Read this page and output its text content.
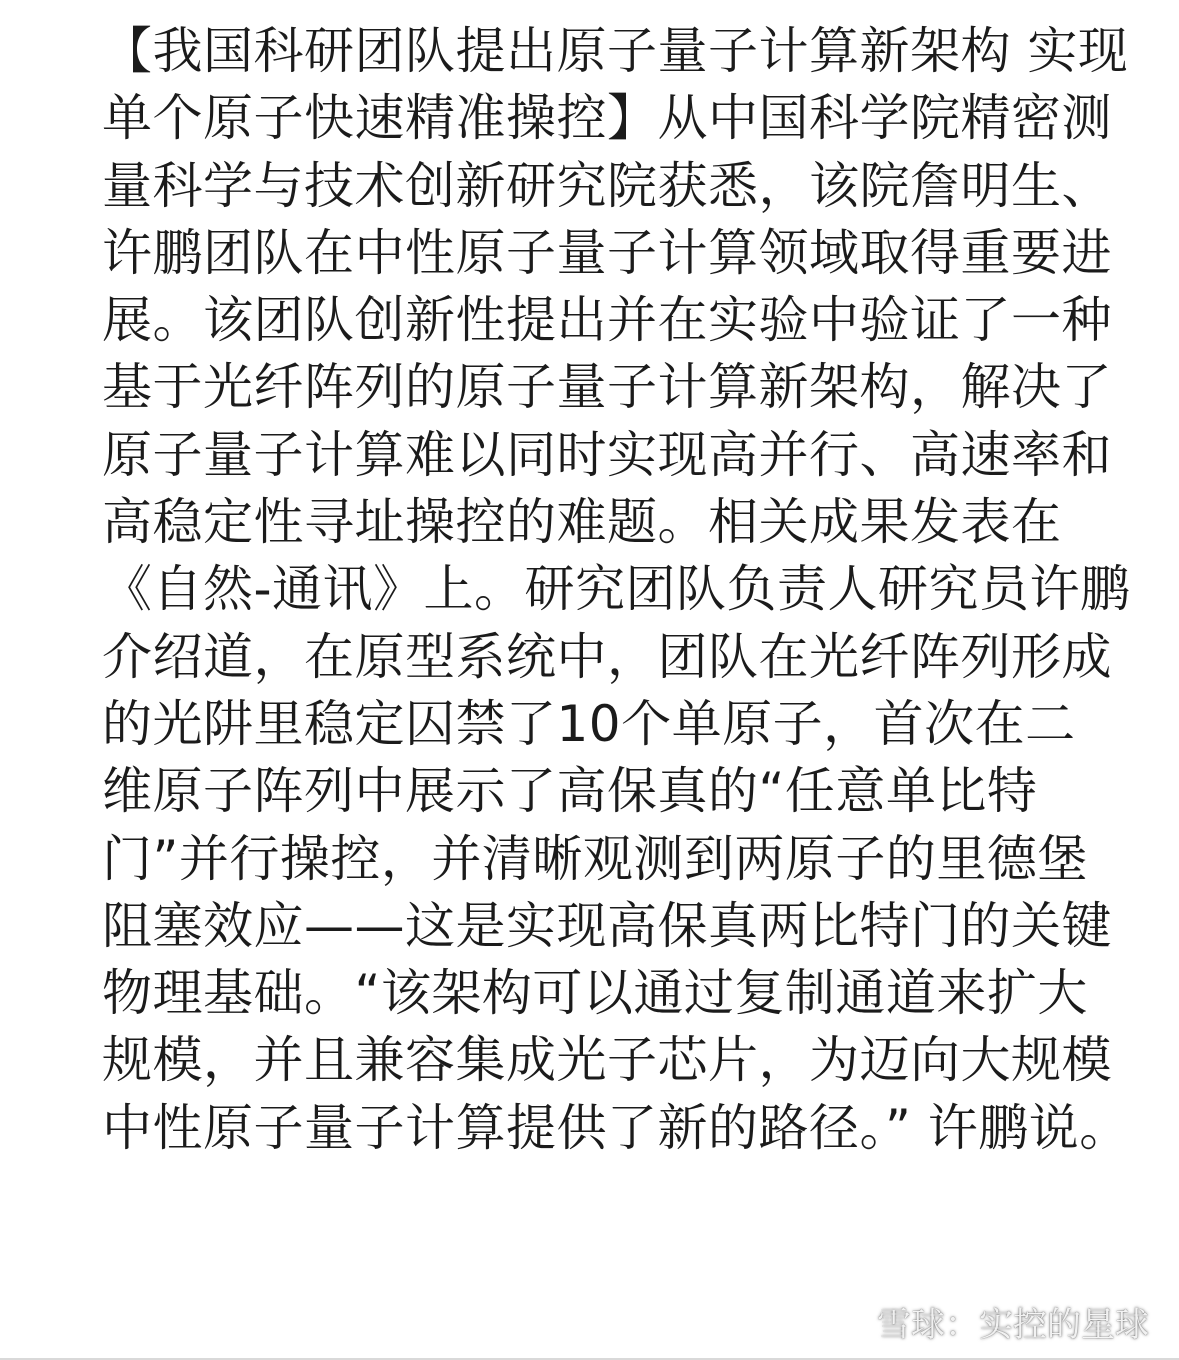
【我国科研团队提出原子量子计算新架构 实现
单个原子快速精准操控】从中国科学院精密测
量科学与技术创新研究院获悉，该院詹明生、
许鹏团队在中性原子量子计算领域取得重要进
展。该团队创新性提出并在实验中验证了一种
基于光纤阵列的原子量子计算新架构，解决了
原子量子计算难以同时实现高并行、高速率和
高稳定性寻址操控的难题。相关成果发表在
《自然-通讯》上。研究团队负责人研究员许鹏
介绍道，在原型系统中，团队在光纤阵列形成
的光阱里稳定囚禁了10个单原子，首次在二
维原子阵列中展示了高保真的“任意单比特
门”并行操控，并清晰观测到两原子的里德堡
阻塞效应——这是实现高保真两比特门的关键
物理基础。“该架构可以通过复制通道来扩大
规模，并且兼容集成光子芯片，为迈向大规模
中性原子量子计算提供了新的路径。” 许鹏说。
雪球：实控的星球
